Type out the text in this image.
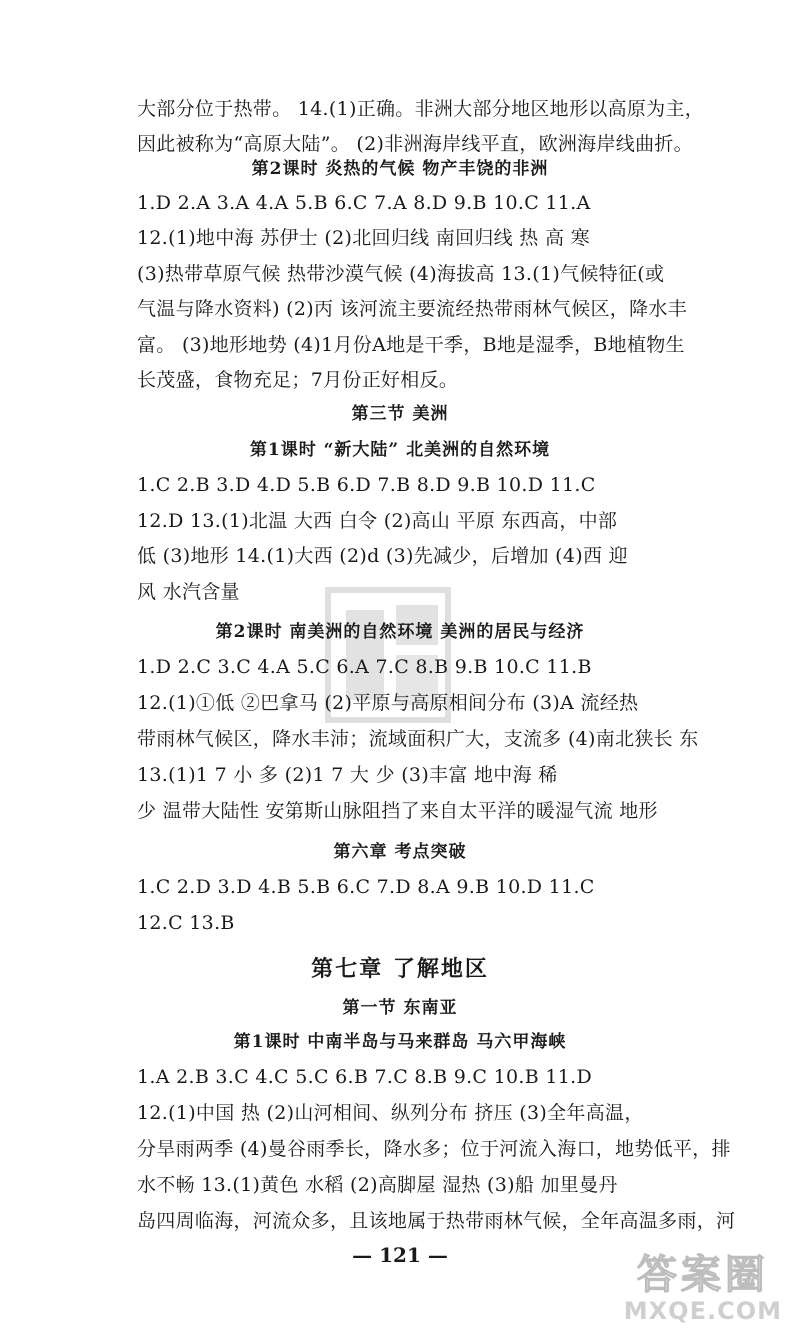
大部分位于热带。 14.(1)正确。非洲大部分地区地形以高原为主，
因此被称为“高原大陆”。 (2)非洲海岸线平直，欧洲海岸线曲折。
第2课时 炎热的气候 物产丰饶的非洲
1.D 2.A 3.A 4.A 5.B 6.C 7.A 8.D 9.B 10.C 11.A
12.(1)地中海 苏伊士 (2)北回归线 南回归线 热 高 寒
(3)热带草原气候 热带沙漠气候 (4)海拔高 13.(1)气候特征(或
气温与降水资料) (2)丙 该河流主要流经热带雨林气候区，降水丰
富。 (3)地形地势 (4)1月份A地是干季，B地是湿季，B地植物生
长茂盛，食物充足；7月份正好相反。
第三节 美洲
第1课时 “新大陆” 北美洲的自然环境
1.C 2.B 3.D 4.D 5.B 6.D 7.B 8.D 9.B 10.D 11.C
12.D 13.(1)北温 大西 白令 (2)高山 平原 东西高，中部
低 (3)地形 14.(1)大西 (2)d (3)先减少，后增加 (4)西 迎
风 水汽含量
第2课时 南美洲的自然环境 美洲的居民与经济
1.D 2.C 3.C 4.A 5.C 6.A 7.C 8.B 9.B 10.C 11.B
12.(1)①低 ②巴拿马 (2)平原与高原相间分布 (3)A 流经热
带雨林气候区，降水丰沛；流域面积广大，支流多 (4)南北狭长 东
13.(1)1 7 小 多 (2)1 7 大 少 (3)丰富 地中海 稀
少 温带大陆性 安第斯山脉阻挡了来自太平洋的暖湿气流 地形
第六章 考点突破
1.C 2.D 3.D 4.B 5.B 6.C 7.D 8.A 9.B 10.D 11.C
12.C 13.B
第七章 了解地区
第一节 东南亚
第1课时 中南半岛与马来群岛 马六甲海峡
1.A 2.B 3.C 4.C 5.C 6.B 7.C 8.B 9.C 10.B 11.D
12.(1)中国 热 (2)山河相间、纵列分布 挤压 (3)全年高温，
分旱雨两季 (4)曼谷雨季长，降水多；位于河流入海口，地势低平，排
水不畅 13.(1)黄色 水稻 (2)高脚屋 湿热 (3)船 加里曼丹
岛四周临海，河流众多，且该地属于热带雨林气候，全年高温多雨，河
— 121 —	答案圈
MXQE.COM
